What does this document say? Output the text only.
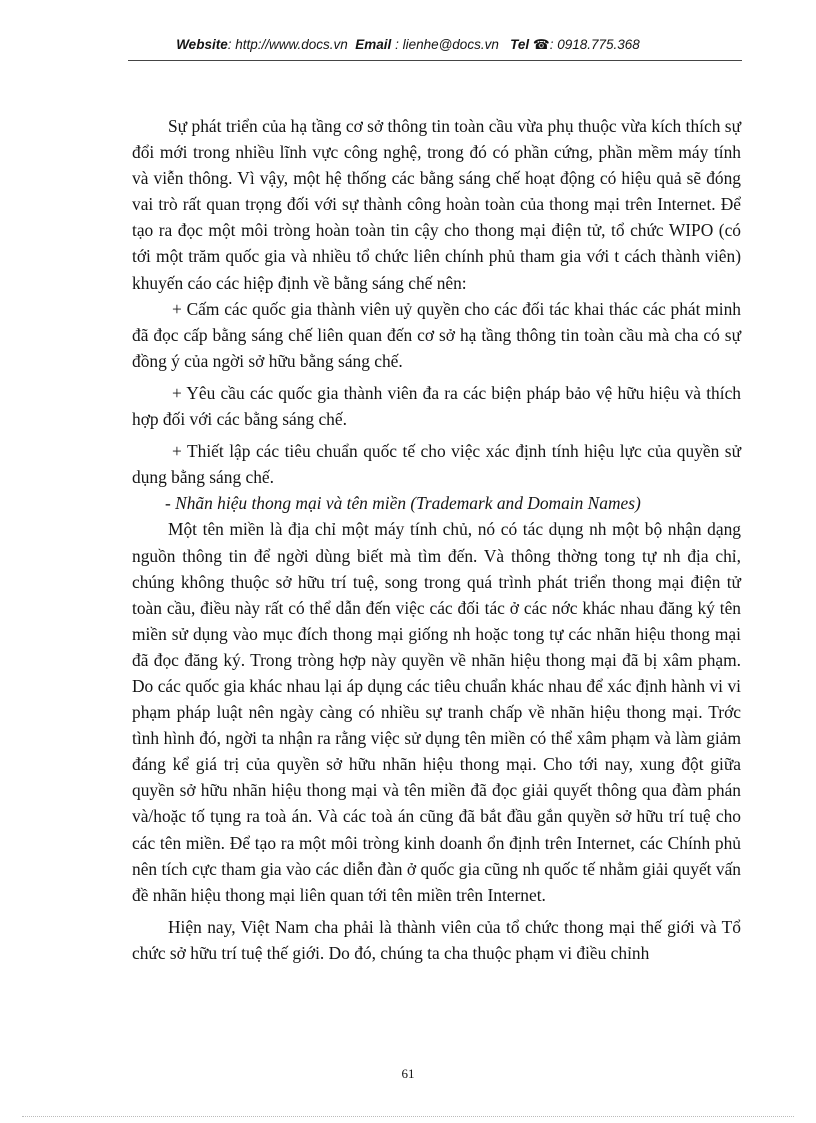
Website: http://www.docs.vn Email : lienhe@docs.vn Tel ☎: 0918.775.368

Sự phát triển của hạ tầng cơ sở thông tin toàn cầu vừa phụ thuộc vừa kích thích sự đổi mới trong nhiều lĩnh vực công nghệ, trong đó có phần cứng, phần mềm máy tính và viễn thông. Vì vậy, một hệ thống các bằng sáng chế hoạt động có hiệu quả sẽ đóng vai trò rất quan trọng đối với sự thành công hoàn toàn của thong mại trên Internet. Để tạo ra đọc một môi tròng hoàn toàn tin cậy cho thong mại điện tử, tổ chức WIPO (có tới một trăm quốc gia và nhiều tổ chức liên chính phủ tham gia với t cách thành viên) khuyến cáo các hiệp định về bằng sáng chế nên:

+ Cấm các quốc gia thành viên uỷ quyền cho các đối tác khai thác các phát minh đã đọc cấp bằng sáng chế liên quan đến cơ sở hạ tầng thông tin toàn cầu mà cha có sự đồng ý của ngời sở hữu bằng sáng chế.

+ Yêu cầu các quốc gia thành viên đa ra các biện pháp bảo vệ hữu hiệu và thích hợp đối với các bằng sáng chế.

+ Thiết lập các tiêu chuẩn quốc tế cho việc xác định tính hiệu lực của quyền sử dụng bằng sáng chế.

- Nhãn hiệu thong mại và tên miền (Trademark and Domain Names)

Một tên miền là địa chỉ một máy tính chủ, nó có tác dụng nh một bộ nhận dạng nguồn thông tin để ngời dùng biết mà tìm đến. Và thông thờng tong tự nh địa chỉ, chúng không thuộc sở hữu trí tuệ, song trong quá trình phát triển thong mại điện tử toàn cầu, điều này rất có thể dẫn đến việc các đối tác ở các nớc khác nhau đăng ký tên miền sử dụng vào mục đích thong mại giống nh hoặc tong tự các nhãn hiệu thong mại đã đọc đăng ký. Trong tròng hợp này quyền về nhãn hiệu thong mại đã bị xâm phạm. Do các quốc gia khác nhau lại áp dụng các tiêu chuẩn khác nhau để xác định hành vi vi phạm pháp luật nên ngày càng có nhiều sự tranh chấp về nhãn hiệu thong mại. Trớc tình hình đó, ngời ta nhận ra rằng việc sử dụng tên miền có thể xâm phạm và làm giảm đáng kể giá trị của quyền sở hữu nhãn hiệu thong mại. Cho tới nay, xung đột giữa quyền sở hữu nhãn hiệu thong mại và tên miền đã đọc giải quyết thông qua đàm phán và/hoặc tố tụng ra toà án. Và các toà án cũng đã bắt đầu gắn quyền sở hữu trí tuệ cho các tên miền. Để tạo ra một môi tròng kinh doanh ổn định trên Internet, các Chính phủ nên tích cực tham gia vào các diễn đàn ở quốc gia cũng nh quốc tế nhằm giải quyết vấn đề nhãn hiệu thong mại liên quan tới tên miền trên Internet.

Hiện nay, Việt Nam cha phải là thành viên của tổ chức thong mại thế giới và Tổ chức sở hữu trí tuệ thế giới. Do đó, chúng ta cha thuộc phạm vi điều chỉnh

61
